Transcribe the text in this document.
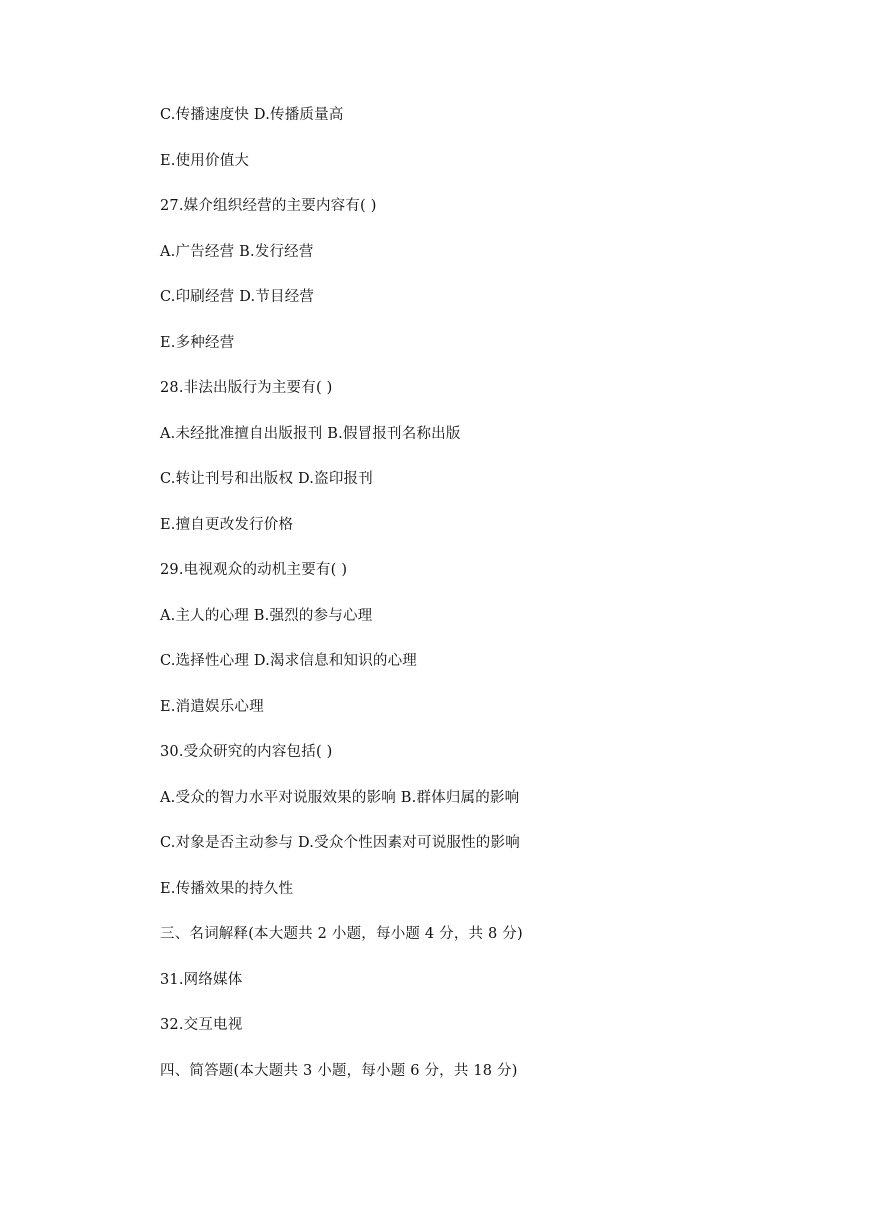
C.传播速度快 D.传播质量高
E.使用价值大
27.媒介组织经营的主要内容有( )
A.广告经营 B.发行经营
C.印刷经营 D.节目经营
E.多种经营
28.非法出版行为主要有( )
A.未经批准擅自出版报刊 B.假冒报刊名称出版
C.转让刊号和出版权 D.盗印报刊
E.擅自更改发行价格
29.电视观众的动机主要有( )
A.主人的心理 B.强烈的参与心理
C.选择性心理 D.渴求信息和知识的心理
E.消遣娱乐心理
30.受众研究的内容包括( )
A.受众的智力水平对说服效果的影响 B.群体归属的影响
C.对象是否主动参与 D.受众个性因素对可说服性的影响
E.传播效果的持久性
三、名词解释(本大题共 2 小题，每小题 4 分，共 8 分)
31.网络媒体
32.交互电视
四、简答题(本大题共 3 小题，每小题 6 分，共 18 分)
